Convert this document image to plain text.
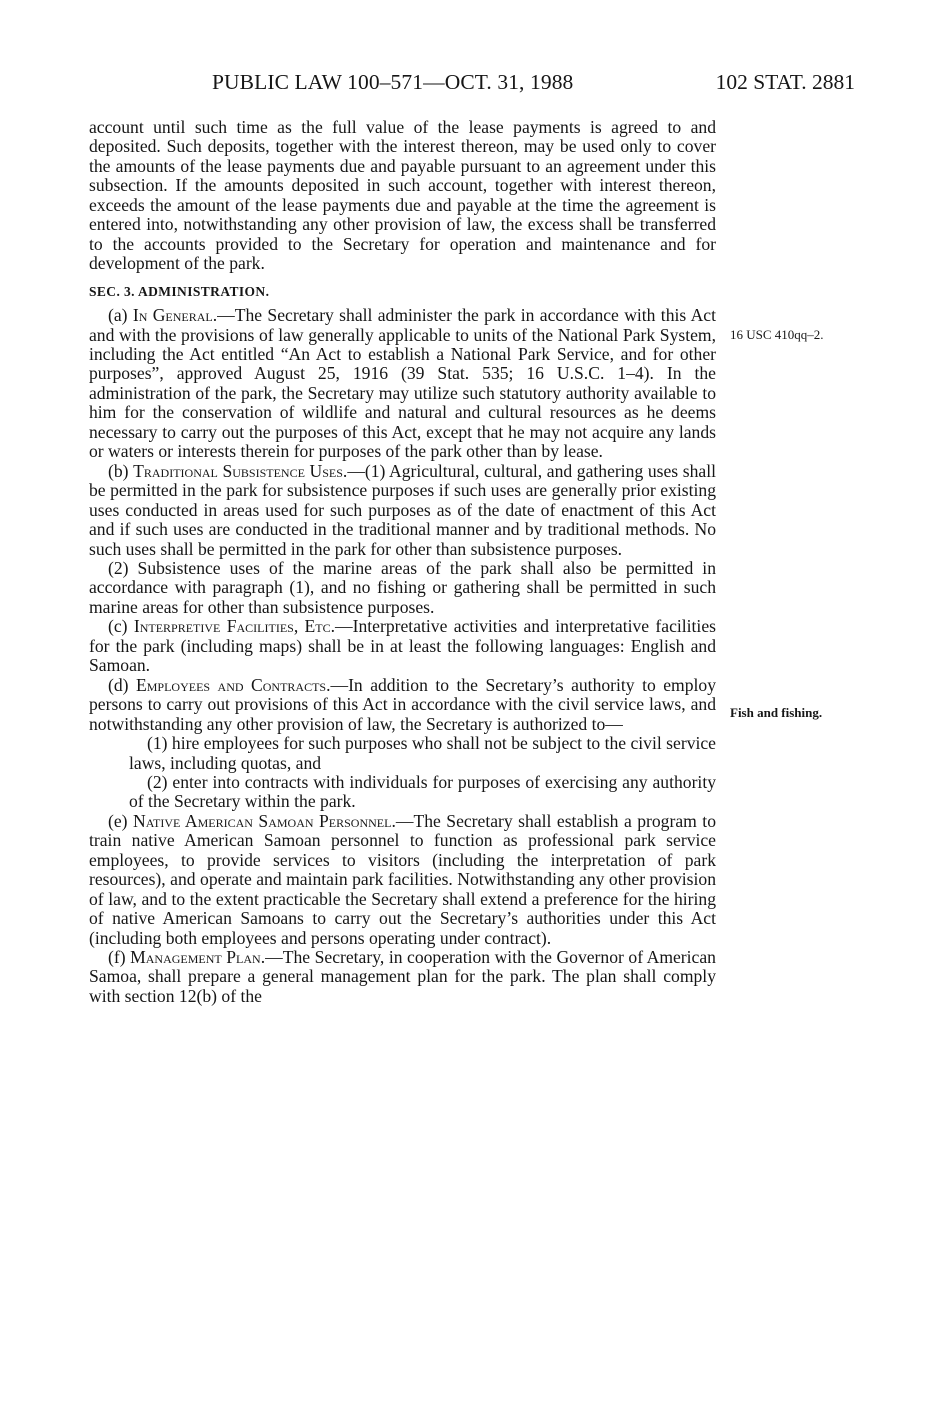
PUBLIC LAW 100–571—OCT. 31, 1988	102 STAT. 2881
16 USC 410qq–2.
Fish and fishing.

account until such time as the full value of the lease payments is agreed to and deposited. Such deposits, together with the interest thereon, may be used only to cover the amounts of the lease payments due and payable pursuant to an agreement under this subsection. If the amounts deposited in such account, together with interest thereon, exceeds the amount of the lease payments due and payable at the time the agreement is entered into, notwithstanding any other provision of law, the excess shall be transferred to the accounts provided to the Secretary for operation and maintenance and for development of the park.

SEC. 3. ADMINISTRATION.

(a) In General.—The Secretary shall administer the park in accordance with this Act and with the provisions of law generally applicable to units of the National Park System, including the Act entitled “An Act to establish a National Park Service, and for other purposes”, approved August 25, 1916 (39 Stat. 535; 16 U.S.C. 1–4). In the administration of the park, the Secretary may utilize such statutory authority available to him for the conservation of wildlife and natural and cultural resources as he deems necessary to carry out the purposes of this Act, except that he may not acquire any lands or waters or interests therein for purposes of the park other than by lease.

(b) Traditional Subsistence Uses.—(1) Agricultural, cultural, and gathering uses shall be permitted in the park for subsistence purposes if such uses are generally prior existing uses conducted in areas used for such purposes as of the date of enactment of this Act and if such uses are conducted in the traditional manner and by traditional methods. No such uses shall be permitted in the park for other than subsistence purposes.

(2) Subsistence uses of the marine areas of the park shall also be permitted in accordance with paragraph (1), and no fishing or gathering shall be permitted in such marine areas for other than subsistence purposes.

(c) Interpretive Facilities, Etc.—Interpretative activities and interpretative facilities for the park (including maps) shall be in at least the following languages: English and Samoan.

(d) Employees and Contracts.—In addition to the Secretary’s authority to employ persons to carry out provisions of this Act in accordance with the civil service laws, and notwithstanding any other provision of law, the Secretary is authorized to—

(1) hire employees for such purposes who shall not be subject to the civil service laws, including quotas, and

(2) enter into contracts with individuals for purposes of exercising any authority of the Secretary within the park.

(e) Native American Samoan Personnel.—The Secretary shall establish a program to train native American Samoan personnel to function as professional park service employees, to provide services to visitors (including the interpretation of park resources), and operate and maintain park facilities. Notwithstanding any other provision of law, and to the extent practicable the Secretary shall extend a preference for the hiring of native American Samoans to carry out the Secretary’s authorities under this Act (including both employees and persons operating under contract).

(f) Management Plan.—The Secretary, in cooperation with the Governor of American Samoa, shall prepare a general management plan for the park. The plan shall comply with section 12(b) of the
